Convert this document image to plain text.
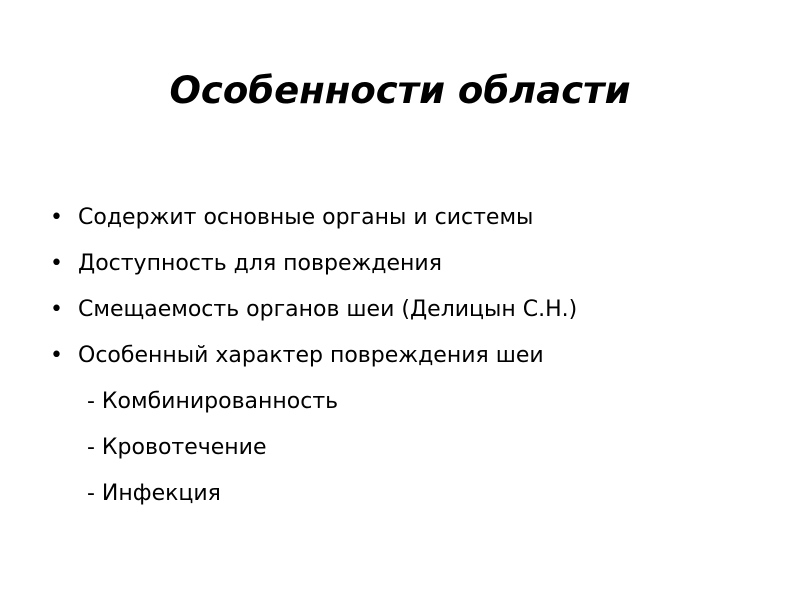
Особенности области
• Содержит основные органы и системы
• Доступность для повреждения
• Смещаемость органов шеи (Делицын С.Н.)
• Особенный характер повреждения шеи
- Комбинированность
- Кровотечение
- Инфекция
